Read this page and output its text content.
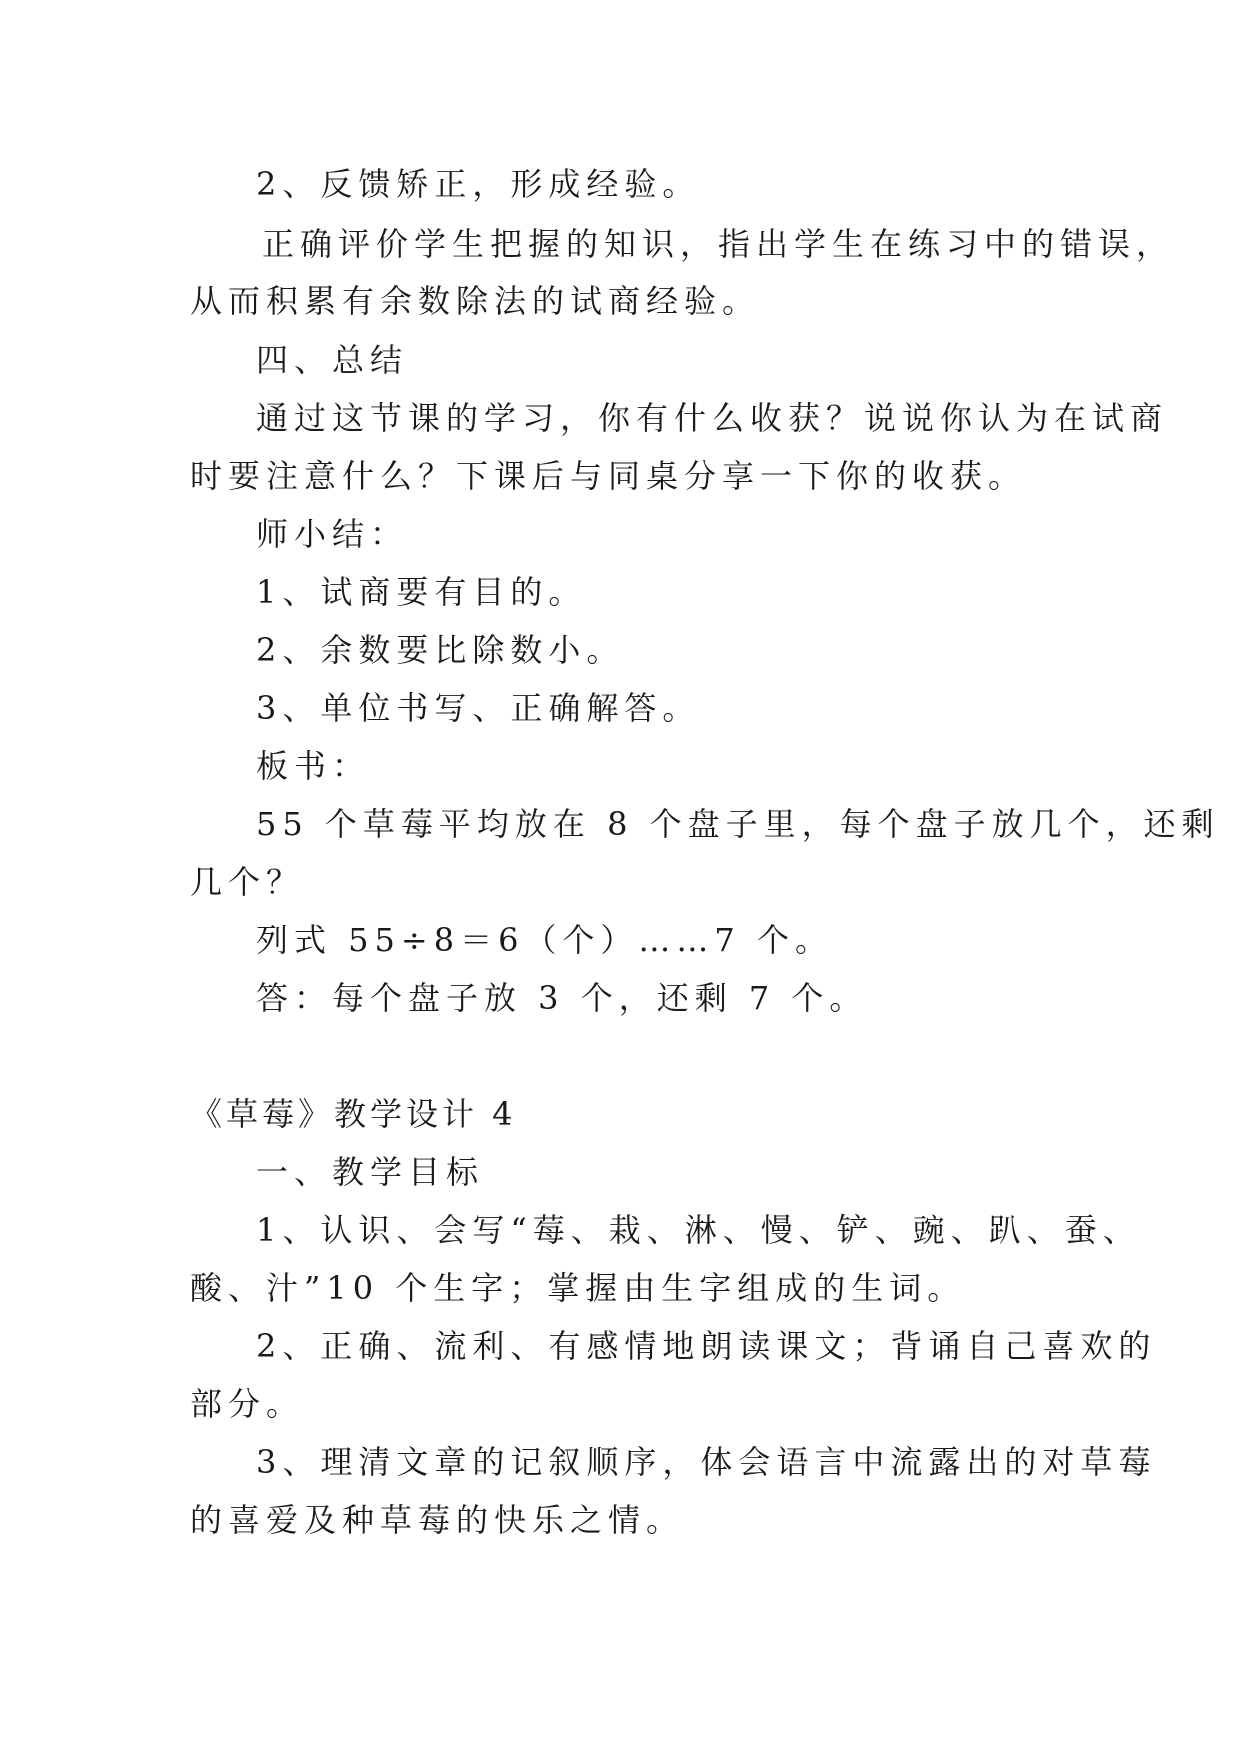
2、反馈矫正，形成经验。
正确评价学生把握的知识，指出学生在练习中的错误，
从而积累有余数除法的试商经验。
四、总结
通过这节课的学习，你有什么收获？说说你认为在试商
时要注意什么？下课后与同桌分享一下你的收获。
师小结：
1、试商要有目的。
2、余数要比除数小。
3、单位书写、正确解答。
板书：
55 个草莓平均放在 8 个盘子里，每个盘子放几个，还剩
几个？
列式 55÷8＝6（个）……7 个。
答：每个盘子放 3 个，还剩 7 个。
《草莓》教学设计 4
一、教学目标
1、认识、会写“莓、栽、淋、慢、铲、豌、趴、蚕、
酸、汁”10 个生字；掌握由生字组成的生词。
2、正确、流利、有感情地朗读课文；背诵自己喜欢的
部分。
3、理清文章的记叙顺序，体会语言中流露出的对草莓
的喜爱及种草莓的快乐之情。
